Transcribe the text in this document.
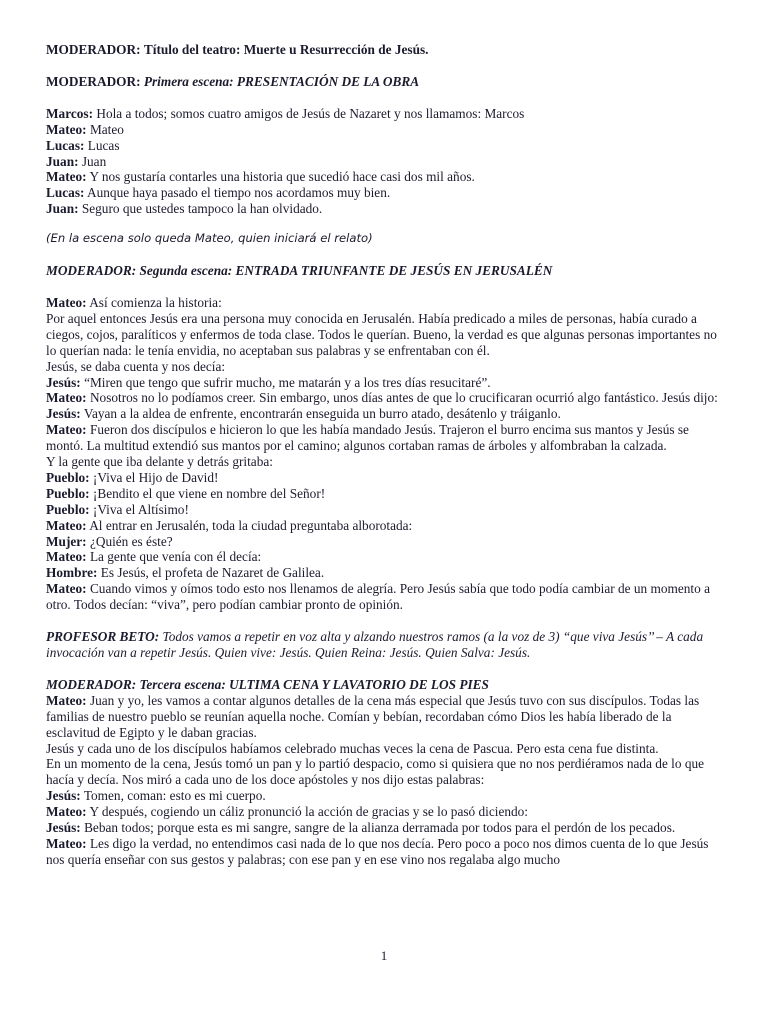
MODERADOR: Título del teatro: Muerte u Resurrección de Jesús.
MODERADOR: Primera escena: PRESENTACIÓN DE LA OBRA
Marcos: Hola a todos; somos cuatro amigos de Jesús de Nazaret y nos llamamos: Marcos
Mateo: Mateo
Lucas: Lucas
Juan: Juan
Mateo: Y nos gustaría contarles una historia que sucedió hace casi dos mil años.
Lucas: Aunque haya pasado el tiempo nos acordamos muy bien.
Juan: Seguro que ustedes tampoco la han olvidado.
(En la escena solo queda Mateo, quien iniciará el relato)
MODERADOR: Segunda escena: ENTRADA TRIUNFANTE DE JESÚS EN JERUSALÉN
Mateo: Así comienza la historia:
Por aquel entonces Jesús era una persona muy conocida en Jerusalén. Había predicado a miles de personas, había curado a ciegos, cojos, paralíticos y enfermos de toda clase. Todos le querían. Bueno, la verdad es que algunas personas importantes no lo querían nada: le tenía envidia, no aceptaban sus palabras y se enfrentaban con él.
Jesús, se daba cuenta y nos decía:
Jesús: “Miren que tengo que sufrir mucho, me matarán y a los tres días resucitaré”.
Mateo: Nosotros no lo podíamos creer. Sin embargo, unos días antes de que lo crucificaran ocurrió algo fantástico. Jesús dijo:
Jesús: Vayan a la aldea de enfrente, encontrarán enseguida un burro atado, desátenlo y tráiganlo.
Mateo: Fueron dos discípulos e hicieron lo que les había mandado Jesús. Trajeron el burro encima sus mantos y Jesús se montó. La multitud extendió sus mantos por el camino; algunos cortaban ramas de árboles y alfombraban la calzada.
Y la gente que iba delante y detrás gritaba:
Pueblo: ¡Viva el Hijo de David!
Pueblo: ¡Bendito el que viene en nombre del Señor!
Pueblo: ¡Viva el Altísimo!
Mateo: Al entrar en Jerusalén, toda la ciudad preguntaba alborotada:
Mujer: ¿Quién es éste?
Mateo: La gente que venía con él decía:
Hombre: Es Jesús, el profeta de Nazaret de Galilea.
Mateo: Cuando vimos y oímos todo esto nos llenamos de alegría. Pero Jesús sabía que todo podía cambiar de un momento a otro. Todos decían: “viva”, pero podían cambiar pronto de opinión.
PROFESOR BETO: Todos vamos a repetir en voz alta y alzando nuestros ramos (a la voz de 3) “que viva Jesús’’ – A cada invocación van a repetir Jesús. Quien vive: Jesús. Quien Reina: Jesús. Quien Salva: Jesús.
MODERADOR: Tercera escena: ULTIMA CENA Y LAVATORIO DE LOS PIES
Mateo: Juan y yo, les vamos a contar algunos detalles de la cena más especial que Jesús tuvo con sus discípulos. Todas las familias de nuestro pueblo se reunían aquella noche. Comían y bebían, recordaban cómo Dios les había liberado de la esclavitud de Egipto y le daban gracias.
Jesús y cada uno de los discípulos habíamos celebrado muchas veces la cena de Pascua. Pero esta cena fue distinta.
En un momento de la cena, Jesús tomó un pan y lo partió despacio, como si quisiera que no nos perdiéramos nada de lo que hacía y decía. Nos miró a cada uno de los doce apóstoles y nos dijo estas palabras:
Jesús: Tomen, coman: esto es mi cuerpo.
Mateo: Y después, cogiendo un cáliz pronunció la acción de gracias y se lo pasó diciendo:
Jesús: Beban todos; porque esta es mi sangre, sangre de la alianza derramada por todos para el perdón de los pecados.
Mateo: Les digo la verdad, no entendimos casi nada de lo que nos decía. Pero poco a poco nos dimos cuenta de lo que Jesús nos quería enseñar con sus gestos y palabras; con ese pan y en ese vino nos regalaba algo mucho
1
